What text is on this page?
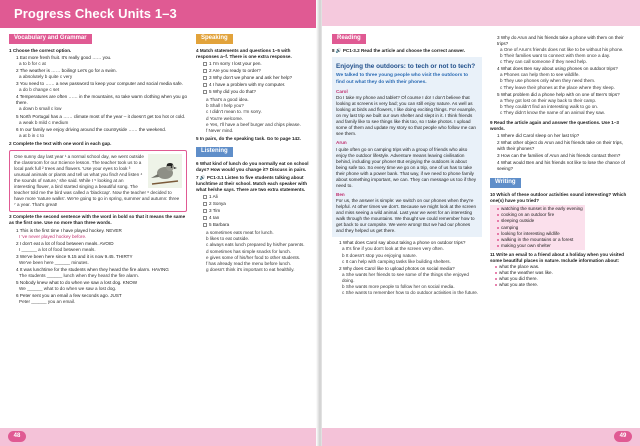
Progress Check Units 1–3
Vocabulary and Grammar
1 Choose the correct option.
1 Eat more fresh fruit. It's really good …… you.
a to b for c at
2 The weather is …… boiling! Let's go for a swim.
a absolutely b quite c very
3 You need to …… a new password to keep your computer and social media safe.
a do b change c set
4 Temperatures are often …… in the mountains, so take warm clothing when you go there.
a down b small c low
5 North Portugal has a …… climate most of the year – it doesn't get too hot or cold.
a weak b mild c medium
6 In our family we enjoy driving around the countryside …… the weekend.
a at b in c to
2 Complete the text with one word in each gap.
One sunny day last year ¹ a normal school day, we went outside the classroom for our Science lesson. The teacher took us to a local park full ² trees and flowers. 'Use your eyes to look ³ unusual animals or plants and tell us what you find! And listen ⁴ the sounds of nature,' she said. While I ⁵ looking at an interesting flower, a bird started singing a beautiful song. The teacher told me the bird was called a 'blackcap'. Now the teacher ⁶ decided to have more 'nature walks'. We're going to go in spring, summer and autumn: three ⁷ a year. That's great!
3 Complete the second sentence with the word in bold so that it means the same as the first one. Use no more than three words.
1 This is the first time I have played hockey. NEVER
I 've never played hockey before.
2 I don't eat a lot of food between meals. AVOID
I ______ a lot of food between meals.
3 We've been here since 9.15 and it is now 9.45. THIRTY
We've been here ______ minutes.
4 It was lunchtime for the students when they heard the fire alarm. HAVING
The students ______ lunch when they heard the fire alarm.
5 Nobody knew what to do when we saw a lost dog. KNOW
We ______ what to do when we saw a lost dog.
6 Peter sent you an email a few seconds ago. JUST
Peter ______ you an email.
Speaking
4 Match statements and questions 1–5 with responses a–f. There is one extra response.
1 I'm sorry I lost your pen.
2 Are you ready to order?
3 Why don't we phone and ask her help?
4 I have a problem with my computer.
5 Why did you do that?
a That's a good idea.
b Shall I help you?
c I didn't mean to. I'm sorry.
d You're welcome.
e Yes, I'll have a beef burger and chips please.
f Never mind.
5 In pairs, do the speaking task. Go to page 142.
Listening
6 What kind of lunch do you normally eat on school days? How would you change it? Discuss in pairs.
7 🔊 PC1-3.1 Listen to five students talking about lunchtime at their school. Match each speaker with what he/she says. There are two extra statements.
1 Ali
2 Sonya
3 Tim
4 Ian
5 Barbara
a sometimes eats meat for lunch.
b likes to eat outside.
c always eats lunch prepared by his/her parents.
d sometimes has simple snacks for lunch.
e gives some of his/her food to other students.
f has already read the menu before lunch.
g doesn't think it's important to eat healthily.
48
Reading
8 🔊 PC1-3.2 Read the article and choose the correct answer.
Enjoying the outdoors: to tech or not to tech?
We talked to three young people who visit the outdoors to find out what they do with their phones.
Carol
Do I take my phone and tablet? Of course I do! I don't believe that looking at screens is very bad; you can still enjoy nature. As well as looking at birds and flowers, I like doing exciting things. For example, on my last trip we built our own shelter and slept in it. I think friends and family like to see things like this too, so I take photos. I upload some of them and update my story so that people who follow me can see them.
Arun
I quite often go on camping trips with a group of friends who also enjoy the outdoor lifestyle. Adventure means leaving civilisation behind, including your phone! But enjoying the outdoors is about being safe too. So every time we go on a trip, one of us has to take their phone with a power bank. That way, if we need to phone family about something important, we can. They can message us too if they need to.
Ben
For us, the answer is simple: we switch on our phones when they're helpful. At other times we don't. Because we might look at the screen and miss seeing a wild animal. Last year we went for an interesting walk through the mountains. We thought we could remember how to get back to our campsite. We were wrong! But we had our phones and they helped us get there.
1 What does Carol say about taking a phone on outdoor trips?
a It's fine if you don't look at the screen very often.
b It doesn't stop you enjoying nature.
c It can help with camping tasks like building shelters.
2 Why does Carol like to upload photos on social media?
a She wants her friends to see some of the things she enjoyed doing.
b She wants more people to follow her on social media.
c She wants to remember how to do outdoor activities in the future.
3 Why do Arun and his friends take a phone with them on their trips?
a One of Arun's friends does not like to be without his phone.
b Their families want to connect with them once a day.
c They can call someone if they need help.
4 What does Ben say about using phones on outdoor trips?
a Phones can help them to see wildlife.
b They use phones only when they need them.
c They leave their phones at the place where they sleep.
5 What problem did a phone help with on one of Ben's trips?
a They got lost on their way back to their camp.
b They couldn't find an interesting walk to go on.
c They didn't know the name of an animal they saw.
9 Read the article again and answer the questions. Use 1–3 words.
1 Where did Carol sleep on her last trip?
2 What other object do Arun and his friends take on their trips, with their phones?
3 How can the families of Arun and his friends contact them?
4 What would Ben and his friends not like to lose the chance of seeing?
Writing
10 Which of these outdoor activities sound interesting? Which one(s) have you tried?
watching the sunset in the early evening
cooking on an outdoor fire
sleeping outside
camping
looking for interesting wildlife
walking in the mountains or a forest
making your own shelter
11 Write an email to a friend about a holiday when you visited some beautiful places in nature. Include information about:
what the place was.
what the weather was like.
what you did there.
what you ate there.
49
